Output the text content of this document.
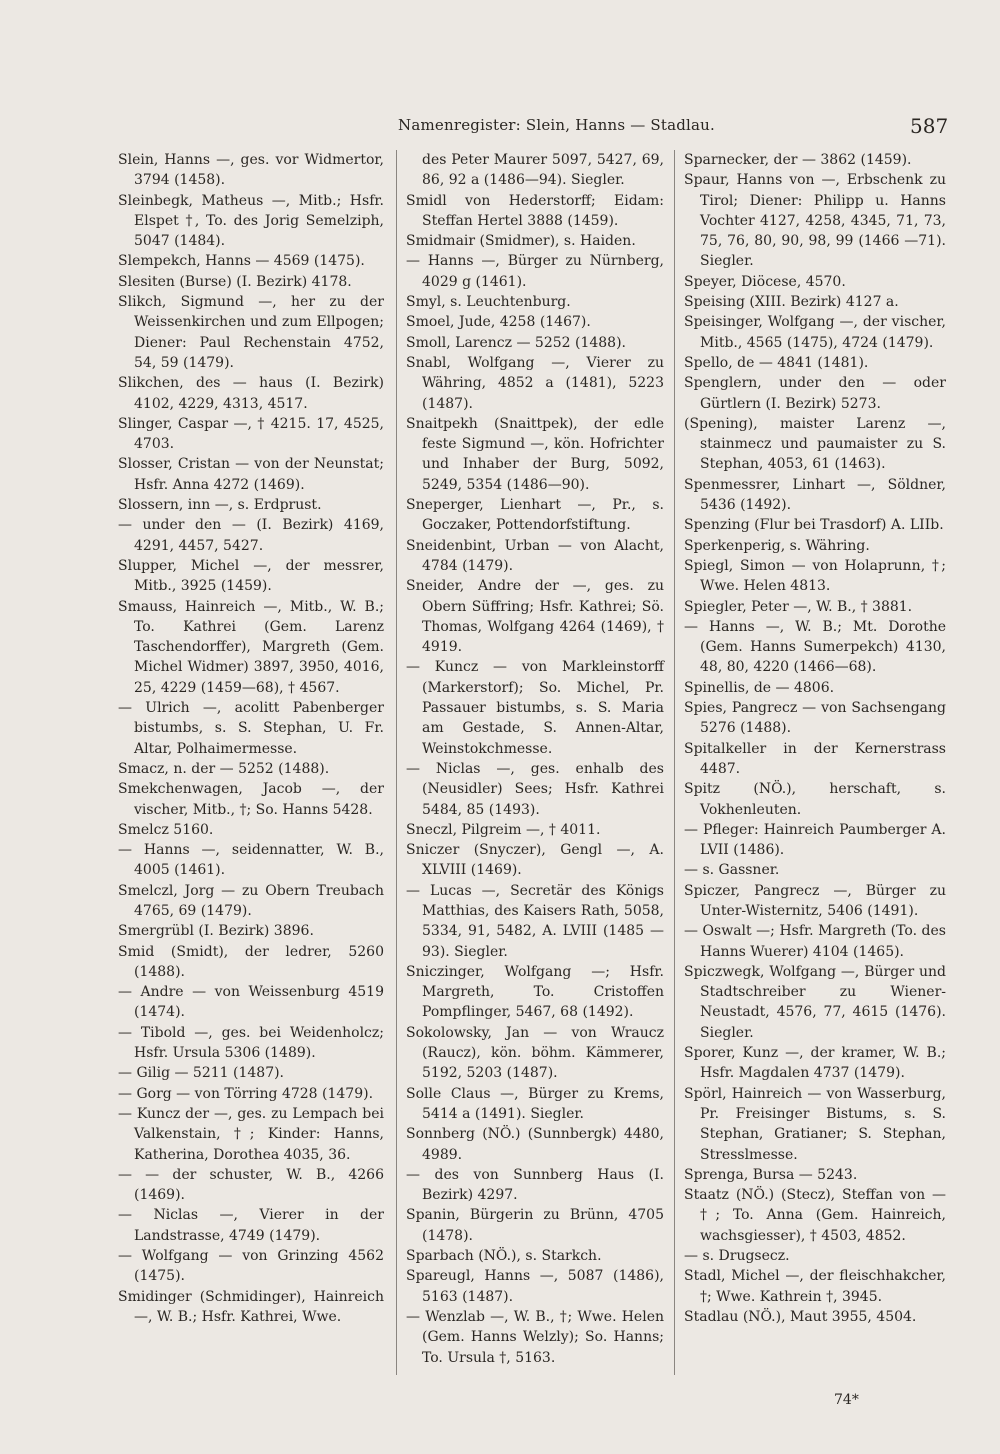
Namenregister: Slein, Hanns — Stadlau.	587

Slein, Hanns —, ges. vor Widmertor, 3794 (1458).

Sleinbegk, Matheus —, Mitb.; Hsfr. Elspet †, To. des Jorig Semelziph, 5047 (1484).

Slempekch, Hanns — 4569 (1475).

Slesiten (Burse) (I. Bezirk) 4178.

Slikch, Sigmund —, her zu der Weissenkirchen und zum Ellpogen; Diener: Paul Rechenstain 4752, 54, 59 (1479).

Slikchen, des — haus (I. Bezirk) 4102, 4229, 4313, 4517.

Slinger, Caspar —, † 4215. 17, 4525, 4703.

Slosser, Cristan — von der Neunstat; Hsfr. Anna 4272 (1469).

Slossern, inn —, s. Erdprust.

— under den — (I. Bezirk) 4169, 4291, 4457, 5427.

Slupper, Michel —, der messrer, Mitb., 3925 (1459).

Smauss, Hainreich —, Mitb., W. B.; To. Kathrei (Gem. Larenz Taschendorffer), Margreth (Gem. Michel Widmer) 3897, 3950, 4016, 25, 4229 (1459—68), † 4567.

— Ulrich —, acolitt Pabenberger bistumbs, s. S. Stephan, U. Fr. Altar, Polhaimermesse.

Smacz, n. der — 5252 (1488).

Smekchenwagen, Jacob —, der vischer, Mitb., †; So. Hanns 5428.

Smelcz 5160.

— Hanns —, seidennatter, W. B., 4005 (1461).

Smelczl, Jorg — zu Obern Treubach 4765, 69 (1479).

Smergrübl (I. Bezirk) 3896.

Smid (Smidt), der ledrer, 5260 (1488).

— Andre — von Weissenburg 4519 (1474).

— Tibold —, ges. bei Weidenholcz; Hsfr. Ursula 5306 (1489).

— Gilig — 5211 (1487).

— Gorg — von Törring 4728 (1479).

— Kuncz der —, ges. zu Lempach bei Valkenstain, †; Kinder: Hanns, Katherina, Dorothea 4035, 36.

— — der schuster, W. B., 4266 (1469).

— Niclas —, Vierer in der Landstrasse, 4749 (1479).

— Wolfgang — von Grinzing 4562 (1475).

Smidinger (Schmidinger), Hainreich —, W. B.; Hsfr. Kathrei, Wwe.

des Peter Maurer 5097, 5427, 69, 86, 92 a (1486—94). Siegler.

Smidl von Hederstorff; Eidam: Steffan Hertel 3888 (1459).

Smidmair (Smidmer), s. Haiden.

— Hanns —, Bürger zu Nürnberg, 4029 g (1461).

Smyl, s. Leuchtenburg.

Smoel, Jude, 4258 (1467).

Smoll, Larencz — 5252 (1488).

Snabl, Wolfgang —, Vierer zu Währing, 4852 a (1481), 5223 (1487).

Snaitpekh (Snaittpek), der edle feste Sigmund —, kön. Hofrichter und Inhaber der Burg, 5092, 5249, 5354 (1486—90).

Sneperger, Lienhart —, Pr., s. Goczaker, Pottendorfstiftung.

Sneidenbint, Urban — von Alacht, 4784 (1479).

Sneider, Andre der —, ges. zu Obern Süffring; Hsfr. Kathrei; Sö. Thomas, Wolfgang 4264 (1469), † 4919.

— Kuncz — von Markleinstorff (Markerstorf); So. Michel, Pr. Passauer bistumbs, s. S. Maria am Gestade, S. Annen-Altar, Weinstokchmesse.

— Niclas —, ges. enhalb des (Neusidler) Sees; Hsfr. Kathrei 5484, 85 (1493).

Sneczl, Pilgreim —, † 4011.

Sniczer (Snyczer), Gengl —, A. XLVIII (1469).

— Lucas —, Secretär des Königs Matthias, des Kaisers Rath, 5058, 5334, 91, 5482, A. LVIII (1485 —93). Siegler.

Sniczinger, Wolfgang —; Hsfr. Margreth, To. Cristoffen Pompflinger, 5467, 68 (1492).

Sokolowsky, Jan — von Wraucz (Raucz), kön. böhm. Kämmerer, 5192, 5203 (1487).

Solle Claus —, Bürger zu Krems, 5414 a (1491). Siegler.

Sonnberg (NÖ.) (Sunnbergk) 4480, 4989.

— des von Sunnberg Haus (I. Bezirk) 4297.

Spanin, Bürgerin zu Brünn, 4705 (1478).

Sparbach (NÖ.), s. Starkch.

Spareugl, Hanns —, 5087 (1486), 5163 (1487).

— Wenzlab —, W. B., †; Wwe. Helen (Gem. Hanns Welzly); So. Hanns; To. Ursula †, 5163.

Sparnecker, der — 3862 (1459).

Spaur, Hanns von —, Erbschenk zu Tirol; Diener: Philipp u. Hanns Vochter 4127, 4258, 4345, 71, 73, 75, 76, 80, 90, 98, 99 (1466 —71). Siegler.

Speyer, Diöcese, 4570.

Speising (XIII. Bezirk) 4127 a.

Speisinger, Wolfgang —, der vischer, Mitb., 4565 (1475), 4724 (1479).

Spello, de — 4841 (1481).

Spenglern, under den — oder Gürtlern (I. Bezirk) 5273.

(Spening), maister Larenz —, stainmecz und paumaister zu S. Stephan, 4053, 61 (1463).

Spenmessrer, Linhart —, Söldner, 5436 (1492).

Spenzing (Flur bei Trasdorf) A. LIIb.

Sperkenperig, s. Währing.

Spiegl, Simon — von Holaprunn, †; Wwe. Helen 4813.

Spiegler, Peter —, W. B., † 3881.

— Hanns —, W. B.; Mt. Dorothe (Gem. Hanns Sumerpekch) 4130, 48, 80, 4220 (1466—68).

Spinellis, de — 4806.

Spies, Pangrecz — von Sachsengang 5276 (1488).

Spitalkeller in der Kernerstrass 4487.

Spitz (NÖ.), herschaft, s. Vokhenleuten.

— Pfleger: Hainreich Paumberger A. LVII (1486).

— s. Gassner.

Spiczer, Pangrecz —, Bürger zu Unter-Wisternitz, 5406 (1491).

— Oswalt —; Hsfr. Margreth (To. des Hanns Wuerer) 4104 (1465).

Spiczwegk, Wolfgang —, Bürger und Stadtschreiber zu Wiener-Neustadt, 4576, 77, 4615 (1476). Siegler.

Sporer, Kunz —, der kramer, W. B.; Hsfr. Magdalen 4737 (1479).

Spörl, Hainreich — von Wasserburg, Pr. Freisinger Bistums, s. S. Stephan, Gratianer; S. Stephan, Stresslmesse.

Sprenga, Bursa — 5243.

Staatz (NÖ.) (Stecz), Steffan von — †; To. Anna (Gem. Hainreich, wachsgiesser), † 4503, 4852.

— s. Drugsecz.

Stadl, Michel —, der fleischhakcher, †; Wwe. Kathrein †, 3945.

Stadlau (NÖ.), Maut 3955, 4504.

74*
